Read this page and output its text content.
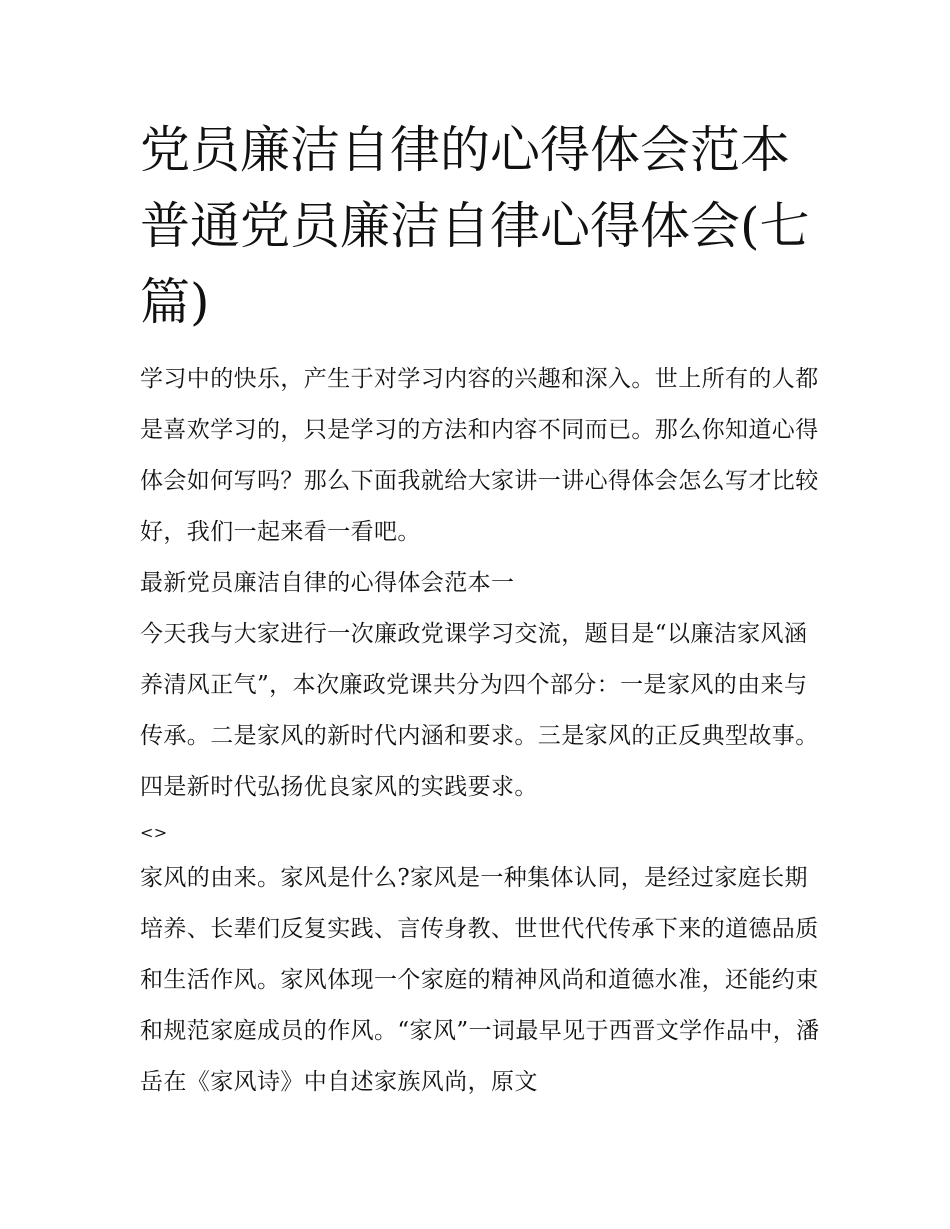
党员廉洁自律的心得体会范本普通党员廉洁自律心得体会(七篇)

学习中的快乐，产生于对学习内容的兴趣和深入。世上所有的人都是喜欢学习的，只是学习的方法和内容不同而已。那么你知道心得体会如何写吗？那么下面我就给大家讲一讲心得体会怎么写才比较好，我们一起来看一看吧。

最新党员廉洁自律的心得体会范本一

今天我与大家进行一次廉政党课学习交流，题目是“以廉洁家风涵养清风正气”，本次廉政党课共分为四个部分：一是家风的由来与传承。二是家风的新时代内涵和要求。三是家风的正反典型故事。四是新时代弘扬优良家风的实践要求。

<>

家风的由来。家风是什么?家风是一种集体认同，是经过家庭长期培养、长辈们反复实践、言传身教、世世代代传承下来的道德品质和生活作风。家风体现一个家庭的精神风尚和道德水准，还能约束和规范家庭成员的作风。“家风”一词最早见于西晋文学作品中，潘岳在《家风诗》中自述家族风尚，原文
